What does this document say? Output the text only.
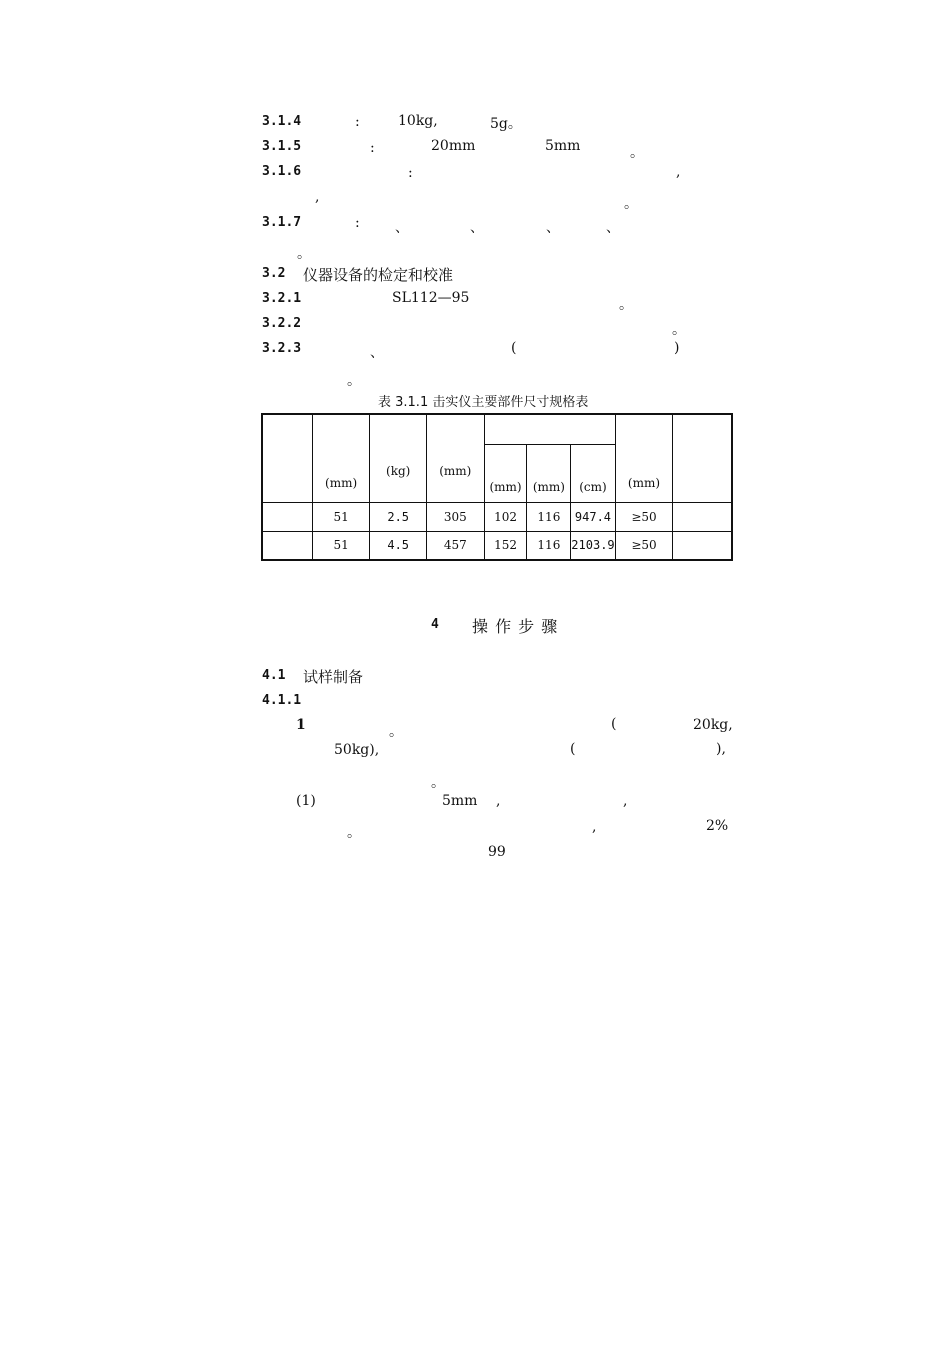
3.1.4	:	10kg,	5g。
3.1.5	:	20mm	5mm	。
3.1.6	:	,
,	。
3.1.7	:	、	、	、	、
。
3.2 仪器设备的检定和校准
3.2.1	SL112—95	。
3.2.2	。
3.2.3	、	(	)
。
表 3.1.1 击实仪主要部件尺寸规格表
	(mm)	(kg)	(mm)				(mm)	
				(mm)	(mm)	(cm)		
	51	2.5	305	102	116	947.4	≥50	
	51	4.5	457	152	116	2103.9	≥50	
4 操 作 步 骤
4.1 试样制备
4.1.1
1	。	(	20kg,
50kg),	(	),
。
(1)	5mm ,	,
。	,	2%
99
